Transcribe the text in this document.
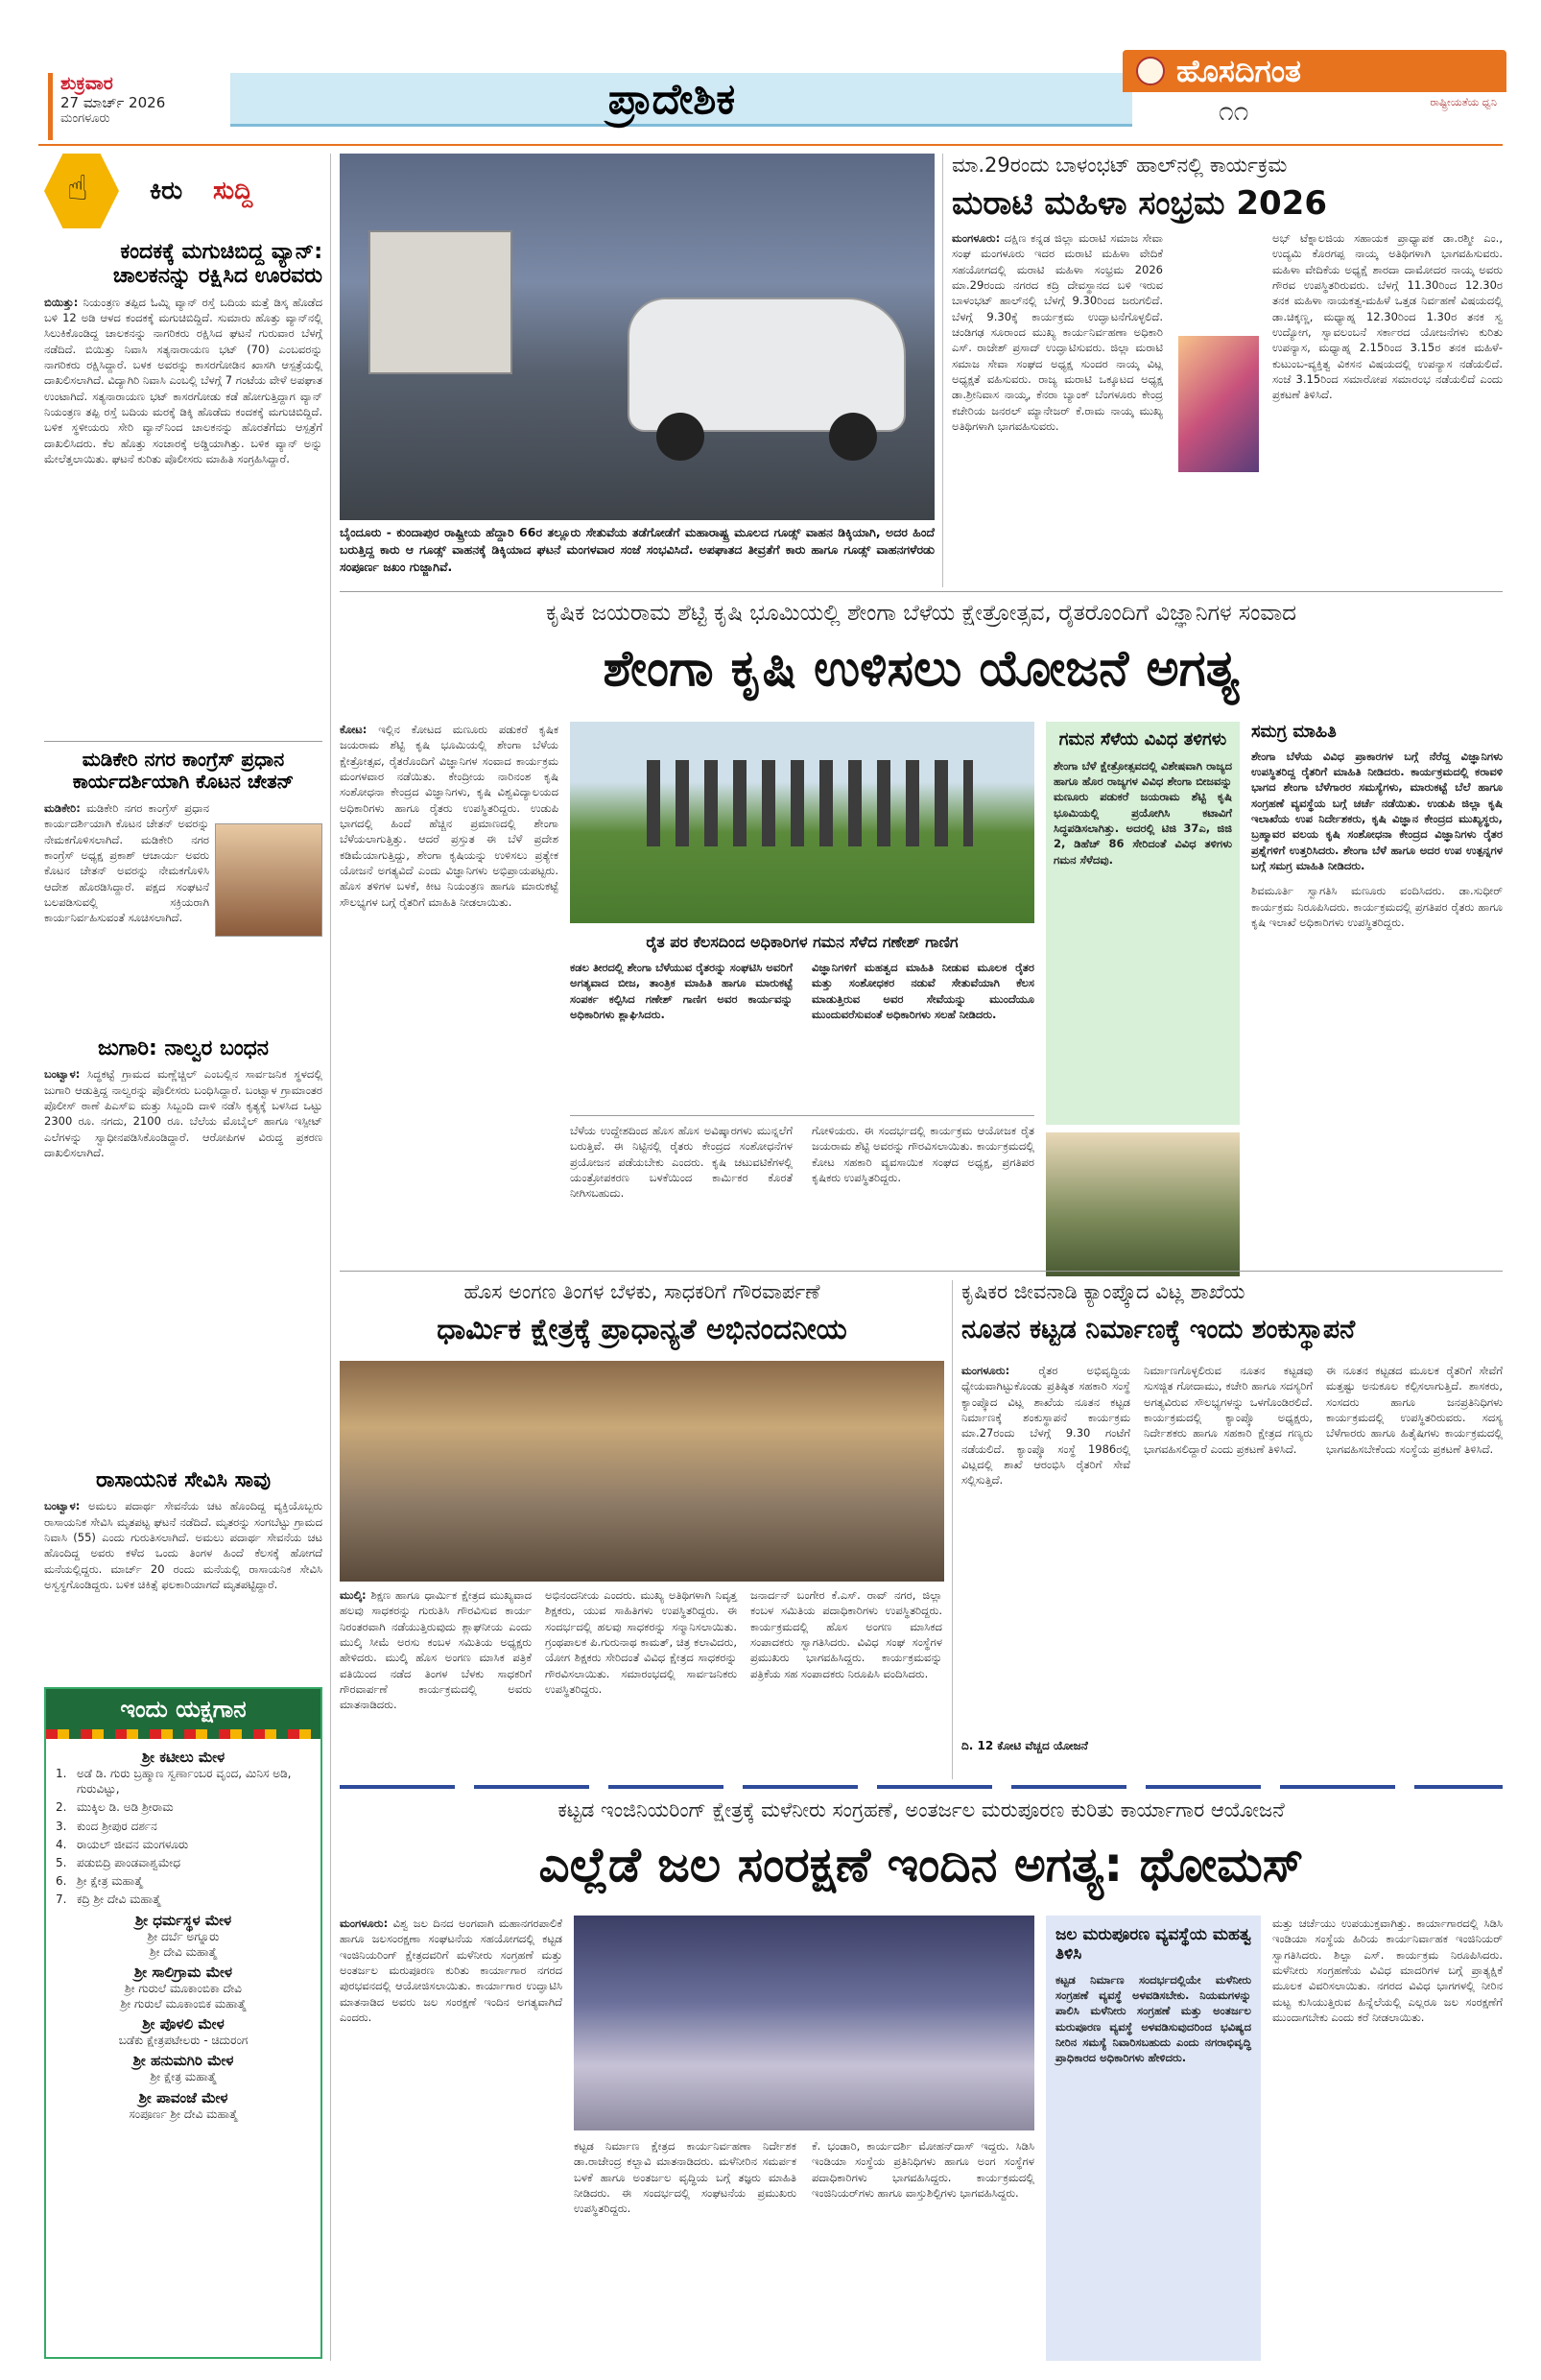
ಶುಕ್ರವಾರ
27 ಮಾರ್ಚ್ 2026
ಮಂಗಳೂರು	ಪ್ರಾದೇಶಿಕ
ಹೊಸದಿಗಂತ
ರಾಷ್ಟ್ರೀಯತೆಯ ಧ್ವನಿ
೧೧
☝ ಕಿರು ಸುದ್ದಿ
ಕಂದಕಕ್ಕೆ ಮಗುಚಿಬಿದ್ದ ವ್ಯಾನ್: ಚಾಲಕನನ್ನು ರಕ್ಷಿಸಿದ ಊರವರು
ಬಿಯಿತ್ತು: ನಿಯಂತ್ರಣ ತಪ್ಪಿದ ಓಮ್ನಿ ವ್ಯಾನ್ ರಸ್ತೆ ಬದಿಯ ಮತ್ತೆ ಡಿಸ್ಕ ಹೊಡೆದ ಬಳಿ 12 ಅಡಿ ಆಳದ ಕಂದಕಕ್ಕೆ ಮಗುಚಿಬಿದ್ದಿದೆ. ಸುಮಾರು ಹೊತ್ತು ವ್ಯಾನ್‌ನಲ್ಲಿ ಸಿಲುಕಿಕೊಂಡಿದ್ದ ಚಾಲಕನನ್ನು ನಾಗರಿಕರು ರಕ್ಷಿಸಿದ ಘಟನೆ ಗುರುವಾರ ಬೆಳಗ್ಗೆ ನಡೆದಿದೆ. ಬಿಯಿತ್ತು ನಿವಾಸಿ ಸತ್ಯನಾರಾಯಣ ಭಟ್ (70) ಎಂಬವರನ್ನು ನಾಗರಿಕರು ರಕ್ಷಿಸಿದ್ದಾರೆ. ಬಳಕ ಅವರನ್ನು ಕಾಸರಗೋಡಿನ ಖಾಸಗಿ ಆಸ್ಪತ್ರೆಯಲ್ಲಿ ದಾಖಲಿಸಲಾಗಿದೆ. ವಿದ್ಯಾಗಿರಿ ನಿವಾಸಿ ಎಂಬಲ್ಲಿ ಬೆಳಗ್ಗೆ 7 ಗಂಟೆಯ ವೇಳೆ ಅಪಘಾತ ಉಂಟಾಗಿದೆ. ಸತ್ಯನಾರಾಯಣ ಭಟ್ ಕಾಸರಗೋಡು ಕಡೆ ಹೋಗುತ್ತಿದ್ದಾಗ ವ್ಯಾನ್ ನಿಯಂತ್ರಣ ತಪ್ಪಿ ರಸ್ತೆ ಬದಿಯ ಮರಕ್ಕೆ ಡಿಕ್ಕಿ ಹೊಡೆದು ಕಂದಕಕ್ಕೆ ಮಗುಚಿಬಿದ್ದಿದೆ. ಬಳಿಕ ಸ್ಥಳೀಯರು ಸೇರಿ ವ್ಯಾನ್‌ನಿಂದ ಚಾಲಕನನ್ನು ಹೊರತೆಗೆದು ಆಸ್ಪತ್ರೆಗೆ ದಾಖಲಿಸಿದರು. ಕೆಲ ಹೊತ್ತು ಸಂಚಾರಕ್ಕೆ ಅಡ್ಡಿಯಾಗಿತ್ತು. ಬಳಿಕ ವ್ಯಾನ್ ಅನ್ನು ಮೇಲೆತ್ತಲಾಯಿತು. ಘಟನೆ ಕುರಿತು ಪೊಲೀಸರು ಮಾಹಿತಿ ಸಂಗ್ರಹಿಸಿದ್ದಾರೆ.
ಮಡಿಕೇರಿ ನಗರ ಕಾಂಗ್ರೆಸ್ ಪ್ರಧಾನ ಕಾರ್ಯದರ್ಶಿಯಾಗಿ ಕೊಟನ ಚೇತನ್
ಮಡಿಕೇರಿ: ಮಡಿಕೇರಿ ನಗರ ಕಾಂಗ್ರೆಸ್ ಪ್ರಧಾನ ಕಾರ್ಯದರ್ಶಿಯಾಗಿ ಕೊಟನ ಚೇತನ್ ಅವರನ್ನು ನೇಮಕಗೊಳಿಸಲಾಗಿದೆ. ಮಡಿಕೇರಿ ನಗರ ಕಾಂಗ್ರೆಸ್ ಅಧ್ಯಕ್ಷ ಪ್ರಕಾಶ್ ಆಚಾರ್ಯ ಅವರು ಕೊಟನ ಚೇತನ್ ಅವರನ್ನು ನೇಮಕಗೊಳಿಸಿ ಆದೇಶ ಹೊರಡಿಸಿದ್ದಾರೆ. ಪಕ್ಷದ ಸಂಘಟನೆ ಬಲಪಡಿಸುವಲ್ಲಿ ಸಕ್ರಿಯರಾಗಿ ಕಾರ್ಯನಿರ್ವಹಿಸುವಂತೆ ಸೂಚಿಸಲಾಗಿದೆ.
ಜುಗಾರಿ: ನಾಲ್ವರ ಬಂಧನ
ಬಂಟ್ವಾಳ: ಸಿದ್ಧಕಟ್ಟೆ ಗ್ರಾಮದ ಮಣ್ಣೆಚ್ಚಿಲ್ ಎಂಬಲ್ಲಿನ ಸಾರ್ವಜನಿಕ ಸ್ಥಳದಲ್ಲಿ ಜುಗಾರಿ ಆಡುತ್ತಿದ್ದ ನಾಲ್ವರನ್ನು ಪೊಲೀಸರು ಬಂಧಿಸಿದ್ದಾರೆ. ಬಂಟ್ವಾಳ ಗ್ರಾಮಾಂತರ ಪೊಲೀಸ್ ಠಾಣೆ ಪಿಎಸ್‌ಐ ಮತ್ತು ಸಿಬ್ಬಂದಿ ದಾಳಿ ನಡೆಸಿ ಕೃತ್ಯಕ್ಕೆ ಬಳಸಿದ ಒಟ್ಟು 2300 ರೂ. ನಗದು, 2100 ರೂ. ಬೆಲೆಯ ಮೊಬೈಲ್ ಹಾಗೂ ಇಸ್ಪೀಟ್ ಎಲೆಗಳನ್ನು ಸ್ವಾಧೀನಪಡಿಸಿಕೊಂಡಿದ್ದಾರೆ. ಆರೋಪಿಗಳ ವಿರುದ್ಧ ಪ್ರಕರಣ ದಾಖಲಿಸಲಾಗಿದೆ.
ರಾಸಾಯನಿಕ ಸೇವಿಸಿ ಸಾವು
ಬಂಟ್ವಾಳ: ಅಮಲು ಪದಾರ್ಥ ಸೇವನೆಯ ಚಟ ಹೊಂದಿದ್ದ ವ್ಯಕ್ತಿಯೊಬ್ಬರು ರಾಸಾಯನಿಕ ಸೇವಿಸಿ ಮೃತಪಟ್ಟ ಘಟನೆ ನಡೆದಿದೆ. ಮೃತರನ್ನು ಸಂಗಬೆಟ್ಟು ಗ್ರಾಮದ ನಿವಾಸಿ (55) ಎಂದು ಗುರುತಿಸಲಾಗಿದೆ. ಅಮಲು ಪದಾರ್ಥ ಸೇವನೆಯ ಚಟ ಹೊಂದಿದ್ದ ಅವರು ಕಳೆದ ಒಂದು ತಿಂಗಳ ಹಿಂದೆ ಕೆಲಸಕ್ಕೆ ಹೋಗದೆ ಮನೆಯಲ್ಲಿದ್ದರು. ಮಾರ್ಚ್ 20 ರಂದು ಮನೆಯಲ್ಲಿ ರಾಸಾಯನಿಕ ಸೇವಿಸಿ ಅಸ್ವಸ್ಥಗೊಂಡಿದ್ದರು. ಬಳಿಕ ಚಿಕಿತ್ಸೆ ಫಲಕಾರಿಯಾಗದೆ ಮೃತಪಟ್ಟಿದ್ದಾರೆ.
ಇಂದು ಯಕ್ಷಗಾನ
ಶ್ರೀ ಕಟೀಲು ಮೇಳ
1. ಅಡೆ ಡಿ. ಗುರು ಬ್ರಹ್ಮಾಣ ಸ್ವರ್ಣಾಂಬರ ವೃಂದ, ಮಿನಿಸ ಅಡಿ, ಗುರುವಿಟ್ಟು,
2. ಮುಕ್ಕಿಲ ಡಿ. ಅಡಿ ಶ್ರೀರಾಮ
3. ಕುಂದ ಶ್ರೀಪುರ ದರ್ಶನ
4. ರಾಯಲ್ ಜೀವನ ಮಂಗಳೂರು
5. ಪಡುಬಿದ್ರಿ ಪಾಂಡವಾಶ್ವಮೇಧ
6. ಶ್ರೀ ಕ್ಷೇತ್ರ ಮಹಾತ್ಮೆ
7. ಕದ್ರಿ ಶ್ರೀ ದೇವಿ ಮಹಾತ್ಮೆ
ಶ್ರೀ ಧರ್ಮಸ್ಥಳ ಮೇಳ
ಶ್ರೀ ದರ್ಬೆ ಅಗ್ನೂರು
ಶ್ರೀ ದೇವಿ ಮಹಾತ್ಮೆ
ಶ್ರೀ ಸಾಲಿಗ್ರಾಮ ಮೇಳ
ಶ್ರೀ ಗುರುಲೆ ಮೂಕಾಂಬಿಕಾ ದೇವಿ
ಶ್ರೀ ಗುರುಲೆ ಮೂಕಾಂಬಿಕ ಮಹಾತ್ಮೆ
ಶ್ರೀ ಪೊಳಲಿ ಮೇಳ
ಬಡೆಕು ಕ್ಷೇತ್ರಪಟೇಲರು - ಚಿದುರಂಗ
ಶ್ರೀ ಹನುಮಗಿರಿ ಮೇಳ
ಶ್ರೀ ಕ್ಷೇತ್ರ ಮಹಾತ್ಮೆ
ಶ್ರೀ ಪಾವಂಜೆ ಮೇಳ
ಸಂಪೂರ್ಣ ಶ್ರೀ ದೇವಿ ಮಹಾತ್ಮೆ
ಬೈಂದೂರು - ಕುಂದಾಪುರ ರಾಷ್ಟ್ರೀಯ ಹೆದ್ದಾರಿ 66ರ ತಲ್ಲೂರು ಸೇತುವೆಯ ತಡೆಗೋಡೆಗೆ ಮಹಾರಾಷ್ಟ್ರ ಮೂಲದ ಗೂಡ್ಸ್ ವಾಹನ ಡಿಕ್ಕಿಯಾಗಿ, ಅದರ ಹಿಂದೆ ಬರುತ್ತಿದ್ದ ಕಾರು ಆ ಗೂಡ್ಸ್ ವಾಹನಕ್ಕೆ ಡಿಕ್ಕಿಯಾದ ಘಟನೆ ಮಂಗಳವಾರ ಸಂಜೆ ಸಂಭವಿಸಿದೆ. ಅಪಘಾತದ ತೀವ್ರತೆಗೆ ಕಾರು ಹಾಗೂ ಗೂಡ್ಸ್ ವಾಹನಗಳೆರಡು ಸಂಪೂರ್ಣ ಜಖಂ ಗುಜ್ಜಾಗಿವೆ.
ಮಾ.29ರಂದು ಬಾಳಂಭಟ್ ಹಾಲ್‌ನಲ್ಲಿ ಕಾರ್ಯಕ್ರಮ
ಮರಾಟಿ ಮಹಿಳಾ ಸಂಭ್ರಮ 2026
ಮಂಗಳೂರು: ದಕ್ಷಿಣ ಕನ್ನಡ ಜಿಲ್ಲಾ ಮರಾಟಿ ಸಮಾಜ ಸೇವಾ ಸಂಘ ಮಂಗಳೂರು ಇದರ ಮರಾಟಿ ಮಹಿಳಾ ವೇದಿಕೆ ಸಹಯೋಗದಲ್ಲಿ ಮರಾಟಿ ಮಹಿಳಾ ಸಂಭ್ರಮ 2026 ಮಾ.29ರಂದು ನಗರದ ಕದ್ರಿ ದೇವಸ್ಥಾನದ ಬಳಿ ಇರುವ ಬಾಳಂಭಟ್ ಹಾಲ್‌ನಲ್ಲಿ ಬೆಳಗ್ಗೆ 9.30ರಿಂದ ಜರುಗಲಿದೆ. ಬೆಳಗ್ಗೆ 9.30ಕ್ಕೆ ಕಾರ್ಯಕ್ರಮ ಉದ್ಘಾಟನೆಗೊಳ್ಳಲಿದೆ. ಚಂಡಿಗಢ ಸೂರಾಂದ ಮುಖ್ಯ ಕಾರ್ಯನಿರ್ವಹಣಾ ಅಧಿಕಾರಿ ಎಸ್. ರಾಜೇಶ್ ಪ್ರಸಾದ್ ಉದ್ಘಾಟಿಸುವರು. ಜಿಲ್ಲಾ ಮರಾಟಿ ಸಮಾಜ ಸೇವಾ ಸಂಘದ ಅಧ್ಯಕ್ಷ ಸುಂದರ ನಾಯ್ಕ ವಿಟ್ಲ ಅಧ್ಯಕ್ಷತೆ ವಹಿಸುವರು. ರಾಜ್ಯ ಮರಾಟಿ ಒಕ್ಕೂಟದ ಅಧ್ಯಕ್ಷ ಡಾ.ಶ್ರೀನಿವಾಸ ನಾಯ್ಕ, ಕೆನರಾ ಬ್ಯಾಂಕ್ ಬೆಂಗಳೂರು ಕೇಂದ್ರ ಕಚೇರಿಯ ಜನರಲ್ ಮ್ಯಾನೇಜರ್ ಕೆ.ರಾಮ ನಾಯ್ಕ ಮುಖ್ಯ ಅತಿಥಿಗಳಾಗಿ ಭಾಗವಹಿಸುವರು.
ಅಭ್ ಟೆಕ್ನಾಲಜಿಯ ಸಹಾಯಕ ಪ್ರಾಧ್ಯಾಪಕ ಡಾ.ರಶ್ಮೀ ಎಂ., ಉದ್ಯಮಿ ಕೊರಗಪ್ಪ ನಾಯ್ಕ ಅತಿಥಿಗಳಾಗಿ ಭಾಗವಹಿಸುವರು. ಮಹಿಳಾ ವೇದಿಕೆಯ ಅಧ್ಯಕ್ಷೆ ಶಾರದಾ ದಾಮೋದರ ನಾಯ್ಕ ಅವರು ಗೌರವ ಉಪಸ್ಥಿತರಿರುವರು. ಬೆಳಗ್ಗೆ 11.30ರಿಂದ 12.30ರ ತನಕ ಮಹಿಳಾ ನಾಯಕತ್ವ-ಮಹಿಳೆ ಒತ್ತಡ ನಿರ್ವಹಣೆ ವಿಷಯದಲ್ಲಿ ಡಾ.ಚಿಕ್ಕಣ್ಣ, ಮಧ್ಯಾಹ್ನ 12.30ರಿಂದ 1.30ರ ತನಕ ಸ್ವ ಉದ್ಯೋಗ, ಸ್ವಾವಲಂಬನೆ ಸರ್ಕಾರದ ಯೋಜನೆಗಳು ಕುರಿತು ಉಪನ್ಯಾಸ, ಮಧ್ಯಾಹ್ನ 2.15ರಿಂದ 3.15ರ ತನಕ ಮಹಿಳೆ-ಕುಟುಂಬ-ವ್ಯಕ್ತಿತ್ವ ವಿಕಸನ ವಿಷಯದಲ್ಲಿ ಉಪನ್ಯಾಸ ನಡೆಯಲಿದೆ. ಸಂಜೆ 3.15ರಿಂದ ಸಮಾರೋಪ ಸಮಾರಂಭ ನಡೆಯಲಿದೆ ಎಂದು ಪ್ರಕಟಣೆ ತಿಳಿಸಿದೆ.
ಕೃಷಿಕ ಜಯರಾಮ ಶೆಟ್ಟಿ ಕೃಷಿ ಭೂಮಿಯಲ್ಲಿ ಶೇಂಗಾ ಬೆಳೆಯ ಕ್ಷೇತ್ರೋತ್ಸವ, ರೈತರೊಂದಿಗೆ ವಿಜ್ಞಾನಿಗಳ ಸಂವಾದ
ಶೇಂಗಾ ಕೃಷಿ ಉಳಿಸಲು ಯೋಜನೆ ಅಗತ್ಯ
ಕೋಟ: ಇಲ್ಲಿನ ಕೋಟದ ಮಣೂರು ಪಡುಕರೆ ಕೃಷಿಕ ಜಯರಾಮ ಶೆಟ್ಟಿ ಕೃಷಿ ಭೂಮಿಯಲ್ಲಿ ಶೇಂಗಾ ಬೆಳೆಯ ಕ್ಷೇತ್ರೋತ್ಸವ, ರೈತರೊಂದಿಗೆ ವಿಜ್ಞಾನಿಗಳ ಸಂವಾದ ಕಾರ್ಯಕ್ರಮ ಮಂಗಳವಾರ ನಡೆಯಿತು. ಕೇಂದ್ರೀಯ ನಾರಿನಂಶ ಕೃಷಿ ಸಂಶೋಧನಾ ಕೇಂದ್ರದ ವಿಜ್ಞಾನಿಗಳು, ಕೃಷಿ ವಿಶ್ವವಿದ್ಯಾಲಯದ ಅಧಿಕಾರಿಗಳು ಹಾಗೂ ರೈತರು ಉಪಸ್ಥಿತರಿದ್ದರು. ಉಡುಪಿ ಭಾಗದಲ್ಲಿ ಹಿಂದೆ ಹೆಚ್ಚಿನ ಪ್ರಮಾಣದಲ್ಲಿ ಶೇಂಗಾ ಬೆಳೆಯಲಾಗುತ್ತಿತ್ತು. ಆದರೆ ಪ್ರಸ್ತುತ ಈ ಬೆಳೆ ಪ್ರದೇಶ ಕಡಿಮೆಯಾಗುತ್ತಿದ್ದು, ಶೇಂಗಾ ಕೃಷಿಯನ್ನು ಉಳಿಸಲು ಪ್ರತ್ಯೇಕ ಯೋಜನೆ ಅಗತ್ಯವಿದೆ ಎಂದು ವಿಜ್ಞಾನಿಗಳು ಅಭಿಪ್ರಾಯಪಟ್ಟರು. ಹೊಸ ತಳಿಗಳ ಬಳಕೆ, ಕೀಟ ನಿಯಂತ್ರಣ ಹಾಗೂ ಮಾರುಕಟ್ಟೆ ಸೌಲಭ್ಯಗಳ ಬಗ್ಗೆ ರೈತರಿಗೆ ಮಾಹಿತಿ ನೀಡಲಾಯಿತು.
ರೈತ ಪರ ಕೆಲಸದಿಂದ ಅಧಿಕಾರಿಗಳ ಗಮನ ಸೆಳೆದ ಗಣೇಶ್ ಗಾಣಿಗ
ಕಡಲ ತೀರದಲ್ಲಿ ಶೇಂಗಾ ಬೆಳೆಯುವ ರೈತರನ್ನು ಸಂಘಟಿಸಿ ಅವರಿಗೆ ಅಗತ್ಯವಾದ ಬೀಜ, ತಾಂತ್ರಿಕ ಮಾಹಿತಿ ಹಾಗೂ ಮಾರುಕಟ್ಟೆ ಸಂಪರ್ಕ ಕಲ್ಪಿಸಿದ ಗಣೇಶ್ ಗಾಣಿಗ ಅವರ ಕಾರ್ಯವನ್ನು ಅಧಿಕಾರಿಗಳು ಶ್ಲಾಘಿಸಿದರು.
ವಿಜ್ಞಾನಿಗಳಿಗೆ ಮಹತ್ವದ ಮಾಹಿತಿ ನೀಡುವ ಮೂಲಕ ರೈತರ ಮತ್ತು ಸಂಶೋಧಕರ ನಡುವೆ ಸೇತುವೆಯಾಗಿ ಕೆಲಸ ಮಾಡುತ್ತಿರುವ ಅವರ ಸೇವೆಯನ್ನು ಮುಂದೆಯೂ ಮುಂದುವರೆಸುವಂತೆ ಅಧಿಕಾರಿಗಳು ಸಲಹೆ ನೀಡಿದರು.
ಬೆಳೆಯ ಉದ್ದೇಶದಿಂದ ಹೊಸ ಹೊಸ ಅವಿಷ್ಕಾರಗಳು ಮುನ್ನಲೆಗೆ ಬರುತ್ತಿವೆ. ಈ ನಿಟ್ಟಿನಲ್ಲಿ ರೈತರು ಕೇಂದ್ರದ ಸಂಶೋಧನೆಗಳ ಪ್ರಯೋಜನ ಪಡೆಯಬೇಕು ಎಂದರು. ಕೃಷಿ ಚಟುವಟಿಕೆಗಳಲ್ಲಿ ಯಂತ್ರೋಪಕರಣ ಬಳಕೆಯಿಂದ ಕಾರ್ಮಿಕರ ಕೊರತೆ ನೀಗಿಸಬಹುದು.
ಗೋಳಿಯರು. ಈ ಸಂದರ್ಭದಲ್ಲಿ ಕಾರ್ಯಕ್ರಮ ಆಯೋಜಕ ರೈತ ಜಯರಾಮ ಶೆಟ್ಟಿ ಅವರನ್ನು ಗೌರವಿಸಲಾಯಿತು. ಕಾರ್ಯಕ್ರಮದಲ್ಲಿ ಕೋಟ ಸಹಕಾರಿ ವ್ಯವಸಾಯಿಕ ಸಂಘದ ಅಧ್ಯಕ್ಷ, ಪ್ರಗತಿಪರ ಕೃಷಿಕರು ಉಪಸ್ಥಿತರಿದ್ದರು.
ಗಮನ ಸೆಳೆಯ ವಿವಿಧ ತಳಿಗಳು
ಶೇಂಗಾ ಬೆಳೆ ಕ್ಷೇತ್ರೋತ್ಸವದಲ್ಲಿ ವಿಶೇಷವಾಗಿ ರಾಜ್ಯದ ಹಾಗೂ ಹೊರ ರಾಜ್ಯಗಳ ವಿವಿಧ ಶೇಂಗಾ ಬೀಜವನ್ನು ಮಣೂರು ಪಡುಕರೆ ಜಯರಾಮ ಶೆಟ್ಟಿ ಕೃಷಿ ಭೂಮಿಯಲ್ಲಿ ಪ್ರಯೋಗಿಸಿ ಕಟಾವಿಗೆ ಸಿದ್ಧಪಡಿಸಲಾಗಿತ್ತು. ಅದರಲ್ಲಿ ಟಿಜಿ 37ಎ, ಜಿಜಿ 2, ಡಿಹೆಚ್ 86 ಸೇರಿದಂತೆ ವಿವಿಧ ತಳಿಗಳು ಗಮನ ಸೆಳೆದವು.
ಸಮಗ್ರ ಮಾಹಿತಿ
ಶೇಂಗಾ ಬೆಳೆಯ ವಿವಿಧ ಪ್ರಾಕಾರಗಳ ಬಗ್ಗೆ ನೆರೆದ್ದ ವಿಜ್ಞಾನಿಗಳು ಉಪಸ್ಥಿತರಿದ್ದ ರೈತರಿಗೆ ಮಾಹಿತಿ ನೀಡಿದರು. ಕಾರ್ಯಕ್ರಮದಲ್ಲಿ ಕರಾವಳಿ ಭಾಗದ ಶೇಂಗಾ ಬೆಳೆಗಾರರ ಸಮಸ್ಯೆಗಳು, ಮಾರುಕಟ್ಟೆ ಬೆಲೆ ಹಾಗೂ ಸಂಗ್ರಹಣೆ ವ್ಯವಸ್ಥೆಯ ಬಗ್ಗೆ ಚರ್ಚೆ ನಡೆಯಿತು. ಉಡುಪಿ ಜಿಲ್ಲಾ ಕೃಷಿ ಇಲಾಖೆಯ ಉಪ ನಿರ್ದೇಶಕರು, ಕೃಷಿ ವಿಜ್ಞಾನ ಕೇಂದ್ರದ ಮುಖ್ಯಸ್ಥರು, ಬ್ರಹ್ಮಾವರ ವಲಯ ಕೃಷಿ ಸಂಶೋಧನಾ ಕೇಂದ್ರದ ವಿಜ್ಞಾನಿಗಳು ರೈತರ ಪ್ರಶ್ನೆಗಳಿಗೆ ಉತ್ತರಿಸಿದರು. ಶೇಂಗಾ ಬೆಳೆ ಹಾಗೂ ಅದರ ಉಪ ಉತ್ಪನ್ನಗಳ ಬಗ್ಗೆ ಸಮಗ್ರ ಮಾಹಿತಿ ನೀಡಿದರು.
ಶಿವಮೂರ್ತಿ ಸ್ವಾಗತಿಸಿ ಮಣೂರು ವಂದಿಸಿದರು. ಡಾ.ಸುಧೀರ್ ಕಾರ್ಯಕ್ರಮ ನಿರೂಪಿಸಿದರು. ಕಾರ್ಯಕ್ರಮದಲ್ಲಿ ಪ್ರಗತಿಪರ ರೈತರು ಹಾಗೂ ಕೃಷಿ ಇಲಾಖೆ ಅಧಿಕಾರಿಗಳು ಉಪಸ್ಥಿತರಿದ್ದರು.
ಹೊಸ ಅಂಗಣ ತಿಂಗಳ ಬೆಳಕು, ಸಾಧಕರಿಗೆ ಗೌರವಾರ್ಪಣೆ
ಧಾರ್ಮಿಕ ಕ್ಷೇತ್ರಕ್ಕೆ ಪ್ರಾಧಾನ್ಯತೆ ಅಭಿನಂದನೀಯ
ಮುಲ್ಕಿ: ಶಿಕ್ಷಣ ಹಾಗೂ ಧಾರ್ಮಿಕ ಕ್ಷೇತ್ರದ ಮುಖ್ಯವಾದ ಹಲವು ಸಾಧಕರನ್ನು ಗುರುತಿಸಿ ಗೌರವಿಸುವ ಕಾರ್ಯ ನಿರಂತರವಾಗಿ ನಡೆಯುತ್ತಿರುವುದು ಶ್ಲಾಘನೀಯ ಎಂದು ಮುಲ್ಕಿ ಸೀಮೆ ಅರಸು ಕಂಬಳ ಸಮಿತಿಯ ಅಧ್ಯಕ್ಷರು ಹೇಳಿದರು. ಮುಲ್ಕಿ ಹೊಸ ಅಂಗಣ ಮಾಸಿಕ ಪತ್ರಿಕೆ ವತಿಯಿಂದ ನಡೆದ ತಿಂಗಳ ಬೆಳಕು ಸಾಧಕರಿಗೆ ಗೌರವಾರ್ಪಣೆ ಕಾರ್ಯಕ್ರಮದಲ್ಲಿ ಅವರು ಮಾತನಾಡಿದರು.
ಅಭಿನಂದನೀಯ ಎಂದರು. ಮುಖ್ಯ ಅತಿಥಿಗಳಾಗಿ ನಿವೃತ್ತ ಶಿಕ್ಷಕರು, ಯುವ ಸಾಹಿತಿಗಳು ಉಪಸ್ಥಿತರಿದ್ದರು. ಈ ಸಂದರ್ಭದಲ್ಲಿ ಹಲವು ಸಾಧಕರನ್ನು ಸನ್ಮಾನಿಸಲಾಯಿತು. ಗ್ರಂಥಪಾಲಕ ಪಿ.ಗುರುನಾಥ ಕಾಮತ್, ಚಿತ್ರ ಕಲಾವಿದರು, ಯೋಗ ಶಿಕ್ಷಕರು ಸೇರಿದಂತೆ ವಿವಿಧ ಕ್ಷೇತ್ರದ ಸಾಧಕರನ್ನು ಗೌರವಿಸಲಾಯಿತು. ಸಮಾರಂಭದಲ್ಲಿ ಸಾರ್ವಜನಿಕರು ಉಪಸ್ಥಿತರಿದ್ದರು.
ಜನಾರ್ದನ್ ಬಂಗೇರ ಕೆ.ಎಸ್. ರಾವ್ ನಗರ, ಜಿಲ್ಲಾ ಕಂಬಳ ಸಮಿತಿಯ ಪದಾಧಿಕಾರಿಗಳು ಉಪಸ್ಥಿತರಿದ್ದರು. ಕಾರ್ಯಕ್ರಮದಲ್ಲಿ ಹೊಸ ಅಂಗಣ ಮಾಸಿಕದ ಸಂಪಾದಕರು ಸ್ವಾಗತಿಸಿದರು. ವಿವಿಧ ಸಂಘ ಸಂಸ್ಥೆಗಳ ಪ್ರಮುಖರು ಭಾಗವಹಿಸಿದ್ದರು. ಕಾರ್ಯಕ್ರಮವನ್ನು ಪತ್ರಿಕೆಯ ಸಹ ಸಂಪಾದಕರು ನಿರೂಪಿಸಿ ವಂದಿಸಿದರು.
ಕೃಷಿಕರ ಜೀವನಾಡಿ ಕ್ಯಾಂಪ್ಕೊದ ವಿಟ್ಲ ಶಾಖೆಯ
ನೂತನ ಕಟ್ಟಡ ನಿರ್ಮಾಣಕ್ಕೆ ಇಂದು ಶಂಕುಸ್ಥಾಪನೆ
ಮಂಗಳೂರು:	ರೈತರ ಅಭಿವೃದ್ಧಿಯ ಧ್ಯೇಯವಾಗಿಟ್ಟುಕೊಂಡು ಪ್ರತಿಷ್ಠಿತ ಸಹಕಾರಿ ಸಂಸ್ಥೆ ಕ್ಯಾಂಪ್ಕೊದ ವಿಟ್ಲ ಶಾಖೆಯ ನೂತನ ಕಟ್ಟಡ ನಿರ್ಮಾಣಕ್ಕೆ ಶಂಕುಸ್ಥಾಪನೆ ಕಾರ್ಯಕ್ರಮ ಮಾ.27ರಂದು ಬೆಳಗ್ಗೆ 9.30 ಗಂಟೆಗೆ ನಡೆಯಲಿದೆ. ಕ್ಯಾಂಪ್ಕೊ ಸಂಸ್ಥೆ 1986ರಲ್ಲಿ ವಿಟ್ಲದಲ್ಲಿ ಶಾಖೆ ಆರಂಭಿಸಿ ರೈತರಿಗೆ ಸೇವೆ ಸಲ್ಲಿಸುತ್ತಿದೆ.
ನಿರ್ಮಾಣಗೊಳ್ಳಲಿರುವ ನೂತನ ಕಟ್ಟಡವು ಸುಸಜ್ಜಿತ ಗೋದಾಮು, ಕಚೇರಿ ಹಾಗೂ ಸದಸ್ಯರಿಗೆ ಅಗತ್ಯವಿರುವ ಸೌಲಭ್ಯಗಳನ್ನು ಒಳಗೊಂಡಿರಲಿದೆ. ಕಾರ್ಯಕ್ರಮದಲ್ಲಿ ಕ್ಯಾಂಪ್ಕೊ ಅಧ್ಯಕ್ಷರು, ನಿರ್ದೇಶಕರು ಹಾಗೂ ಸಹಕಾರಿ ಕ್ಷೇತ್ರದ ಗಣ್ಯರು ಭಾಗವಹಿಸಲಿದ್ದಾರೆ ಎಂದು ಪ್ರಕಟಣೆ ತಿಳಿಸಿದೆ.
ಈ ನೂತನ ಕಟ್ಟಡದ ಮೂಲಕ ರೈತರಿಗೆ ಸೇವೆಗೆ ಮತ್ತಷ್ಟು ಅನುಕೂಲ ಕಲ್ಪಿಸಲಾಗುತ್ತಿದೆ. ಶಾಸಕರು, ಸಂಸದರು ಹಾಗೂ ಜನಪ್ರತಿನಿಧಿಗಳು ಕಾರ್ಯಕ್ರಮದಲ್ಲಿ ಉಪಸ್ಥಿತರಿರುವರು. ಸದಸ್ಯ ಬೆಳೆಗಾರರು ಹಾಗೂ ಹಿತೈಷಿಗಳು ಕಾರ್ಯಕ್ರಮದಲ್ಲಿ ಭಾಗವಹಿಸಬೇಕೆಂದು ಸಂಸ್ಥೆಯ ಪ್ರಕಟಣೆ ತಿಳಿಸಿದೆ.
ದಿ. 12 ಕೋಟಿ ವೆಚ್ಚದ ಯೋಜನೆ
ಕಟ್ಟಡ ಇಂಜಿನಿಯರಿಂಗ್ ಕ್ಷೇತ್ರಕ್ಕೆ ಮಳೆನೀರು ಸಂಗ್ರಹಣೆ, ಅಂತರ್ಜಲ ಮರುಪೂರಣ ಕುರಿತು ಕಾರ್ಯಾಗಾರ ಆಯೋಜನೆ
ಎಲ್ಲೆಡೆ ಜಲ ಸಂರಕ್ಷಣೆ ಇಂದಿನ ಅಗತ್ಯ: ಥೋಮಸ್
ಮಂಗಳೂರು: ವಿಶ್ವ ಜಲ ದಿನದ ಅಂಗವಾಗಿ ಮಹಾನಗರಪಾಲಿಕೆ ಹಾಗೂ ಜಲಸಂರಕ್ಷಣಾ ಸಂಘಟನೆಯ ಸಹಯೋಗದಲ್ಲಿ ಕಟ್ಟಡ ಇಂಜಿನಿಯರಿಂಗ್ ಕ್ಷೇತ್ರದವರಿಗೆ ಮಳೆನೀರು ಸಂಗ್ರಹಣೆ ಮತ್ತು ಅಂತರ್ಜಲ ಮರುಪೂರಣ ಕುರಿತು ಕಾರ್ಯಾಗಾರ ನಗರದ ಪುರಭವನದಲ್ಲಿ ಆಯೋಜಿಸಲಾಯಿತು. ಕಾರ್ಯಾಗಾರ ಉದ್ಘಾಟಿಸಿ ಮಾತನಾಡಿದ ಅವರು ಜಲ ಸಂರಕ್ಷಣೆ ಇಂದಿನ ಅಗತ್ಯವಾಗಿದೆ ಎಂದರು.
ಕಟ್ಟಡ ನಿರ್ಮಾಣ ಕ್ಷೇತ್ರದ ಕಾರ್ಯನಿರ್ವಹಣಾ ನಿರ್ದೇಶಕ ಡಾ.ರಾಜೇಂದ್ರ ಕಲ್ಬಾವಿ ಮಾತನಾಡಿದರು. ಮಳೆನೀರಿನ ಸಮರ್ಪಕ ಬಳಕೆ ಹಾಗೂ ಅಂತರ್ಜಲ ವೃದ್ಧಿಯ ಬಗ್ಗೆ ತಜ್ಞರು ಮಾಹಿತಿ ನೀಡಿದರು. ಈ ಸಂದರ್ಭದಲ್ಲಿ ಸಂಘಟನೆಯ ಪ್ರಮುಖರು ಉಪಸ್ಥಿತರಿದ್ದರು.
ಕೆ. ಭಂಡಾರಿ, ಕಾರ್ಯದರ್ಶಿ ಮೋಹನ್‌ದಾಸ್ ಇದ್ದರು. ಸಿಡಿಸಿ ಇಂಡಿಯಾ ಸಂಸ್ಥೆಯ ಪ್ರತಿನಿಧಿಗಳು ಹಾಗೂ ಅಂಗ ಸಂಸ್ಥೆಗಳ ಪದಾಧಿಕಾರಿಗಳು ಭಾಗವಹಿಸಿದ್ದರು. ಕಾರ್ಯಕ್ರಮದಲ್ಲಿ ಇಂಜಿನಿಯರ್‌ಗಳು ಹಾಗೂ ವಾಸ್ತುಶಿಲ್ಪಿಗಳು ಭಾಗವಹಿಸಿದ್ದರು.
ಜಲ ಮರುಪೂರಣ ವ್ಯವಸ್ಥೆಯ ಮಹತ್ವ ತಿಳಿಸಿ
ಕಟ್ಟಡ ನಿರ್ಮಾಣ ಸಂದರ್ಭದಲ್ಲಿಯೇ ಮಳೆನೀರು ಸಂಗ್ರಹಣೆ ವ್ಯವಸ್ಥೆ ಅಳವಡಿಸಬೇಕು. ನಿಯಮಗಳನ್ನು ಪಾಲಿಸಿ ಮಳೆನೀರು ಸಂಗ್ರಹಣೆ ಮತ್ತು ಅಂತರ್ಜಲ ಮರುಪೂರಣ ವ್ಯವಸ್ಥೆ ಅಳವಡಿಸುವುದರಿಂದ ಭವಿಷ್ಯದ ನೀರಿನ ಸಮಸ್ಯೆ ನಿವಾರಿಸಬಹುದು ಎಂದು ನಗರಾಭಿವೃದ್ಧಿ ಪ್ರಾಧಿಕಾರದ ಅಧಿಕಾರಿಗಳು ಹೇಳಿದರು.
ಮತ್ತು ಚರ್ಚೆಯು ಉಪಯುಕ್ತವಾಗಿತ್ತು. ಕಾರ್ಯಾಗಾರದಲ್ಲಿ ಸಿಡಿಸಿ ಇಂಡಿಯಾ ಸಂಸ್ಥೆಯ ಹಿರಿಯ ಕಾರ್ಯನಿರ್ವಾಹಕ ಇಂಜಿನಿಯರ್ ಸ್ವಾಗತಿಸಿದರು. ಶಿಲ್ಪಾ ಎಸ್. ಕಾರ್ಯಕ್ರಮ ನಿರೂಪಿಸಿದರು. ಮಳೆನೀರು ಸಂಗ್ರಹಣೆಯ ವಿವಿಧ ಮಾದರಿಗಳ ಬಗ್ಗೆ ಪ್ರಾತ್ಯಕ್ಷಿಕೆ ಮೂಲಕ ವಿವರಿಸಲಾಯಿತು. ನಗರದ ವಿವಿಧ ಭಾಗಗಳಲ್ಲಿ ನೀರಿನ ಮಟ್ಟ ಕುಸಿಯುತ್ತಿರುವ ಹಿನ್ನೆಲೆಯಲ್ಲಿ ಎಲ್ಲರೂ ಜಲ ಸಂರಕ್ಷಣೆಗೆ ಮುಂದಾಗಬೇಕು ಎಂದು ಕರೆ ನೀಡಲಾಯಿತು.
